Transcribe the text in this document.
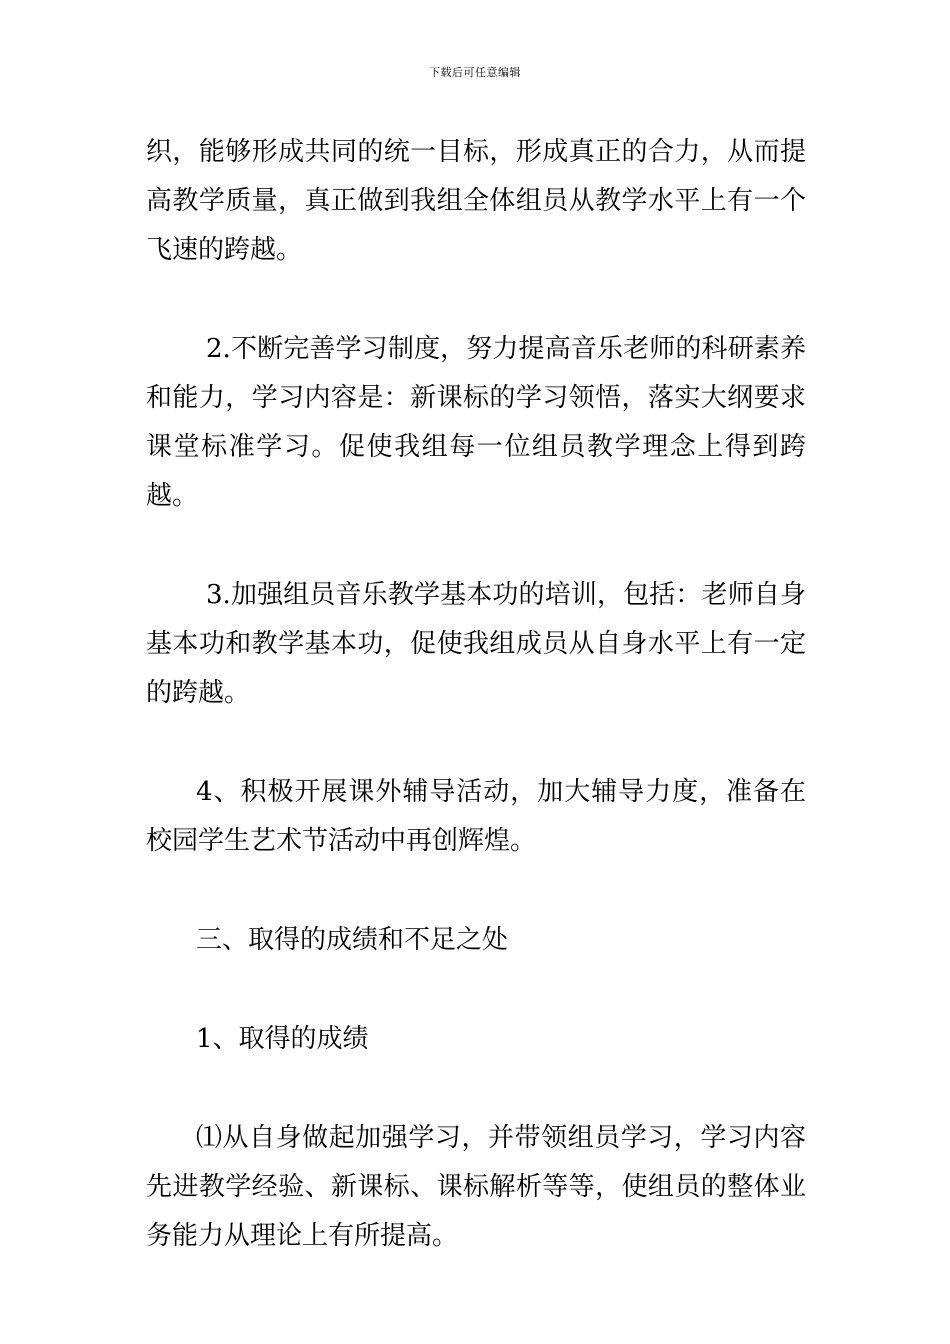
下载后可任意编辑

织，能够形成共同的统一目标，形成真正的合力，从而提高教学质量，真正做到我组全体组员从教学水平上有一个飞速的跨越。

2.不断完善学习制度，努力提高音乐老师的科研素养和能力，学习内容是：新课标的学习领悟，落实大纲要求课堂标准学习。促使我组每一位组员教学理念上得到跨越。

3.加强组员音乐教学基本功的培训，包括：老师自身基本功和教学基本功，促使我组成员从自身水平上有一定的跨越。

4、积极开展课外辅导活动，加大辅导力度，准备在校园学生艺术节活动中再创辉煌。

三、取得的成绩和不足之处

1、取得的成绩

⑴从自身做起加强学习，并带领组员学习，学习内容先进教学经验、新课标、课标解析等等，使组员的整体业务能力从理论上有所提高。
